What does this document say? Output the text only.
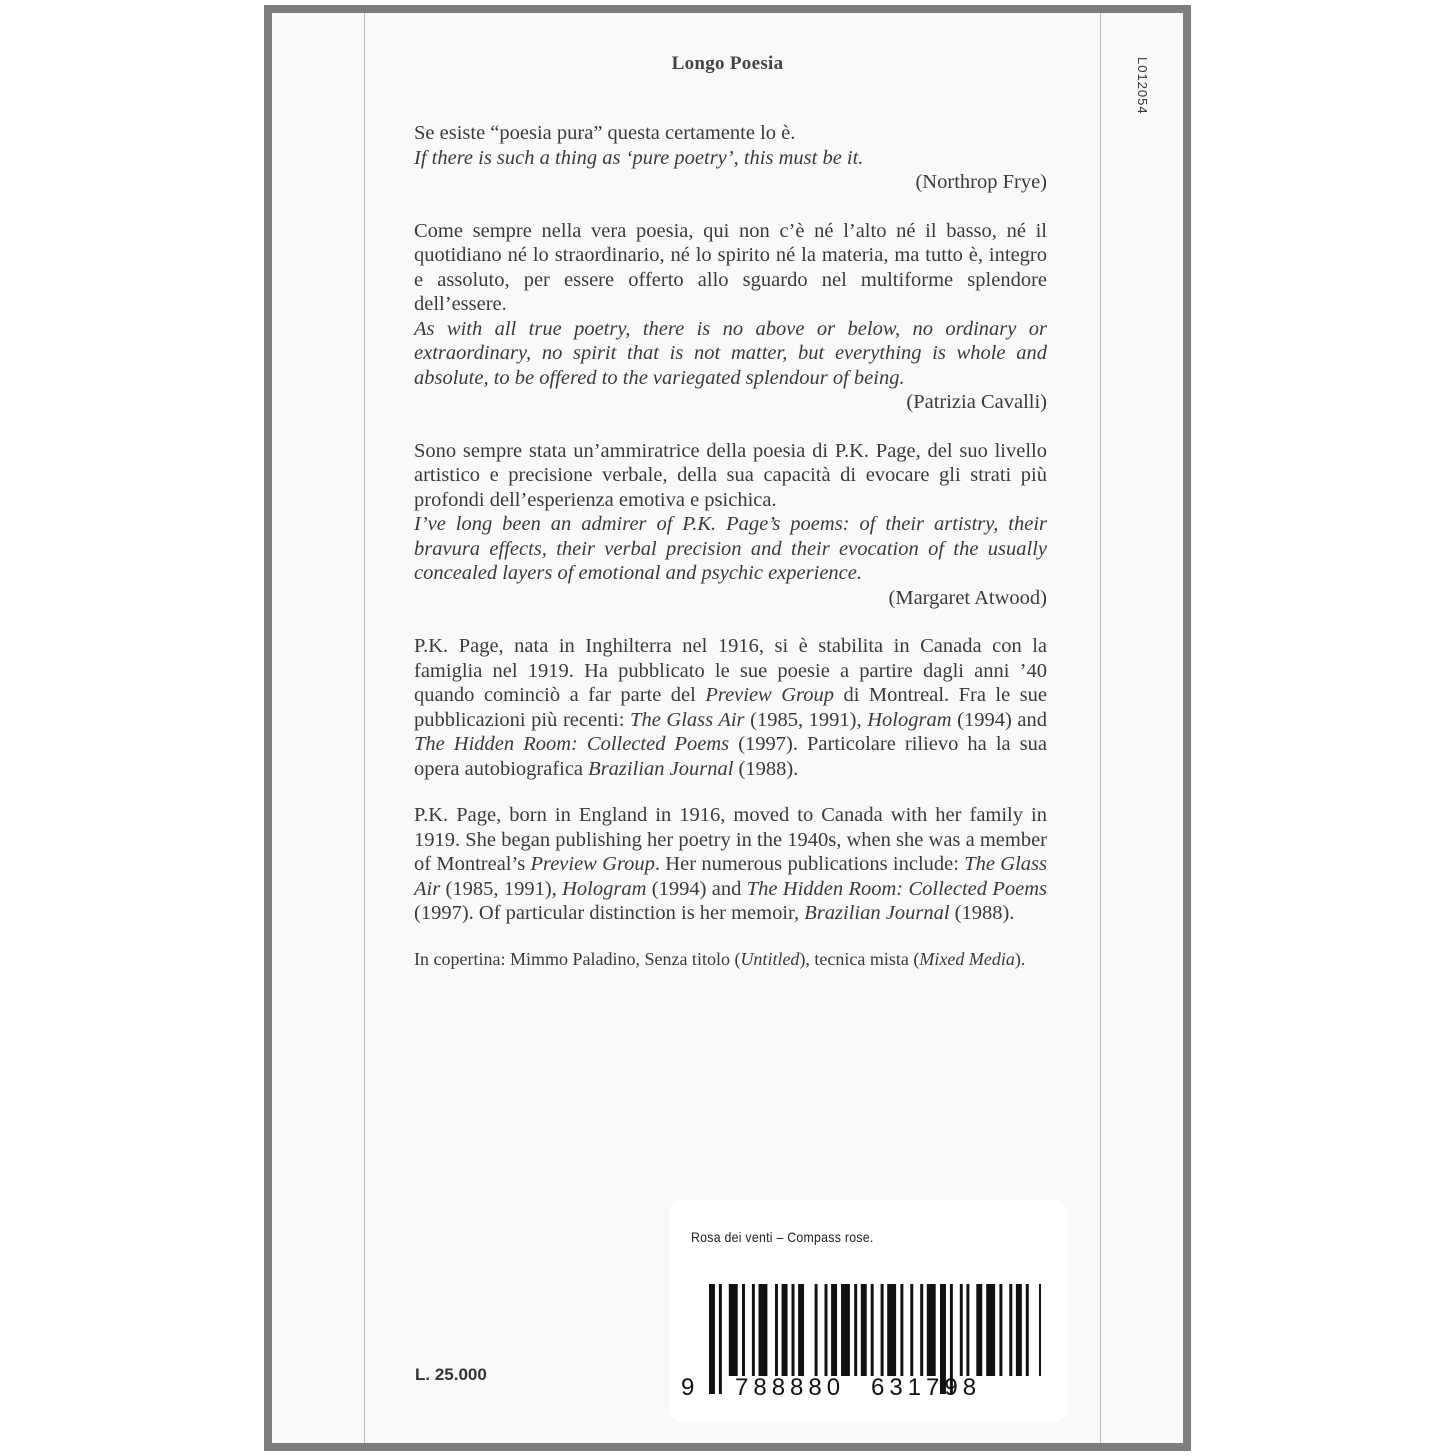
Longo Poesia	L012054

Se esiste “poesia pura” questa certamente lo è.

If there is such a thing as ‘pure poetry’, this must be it.

(Northrop Frye)

Come sempre nella vera poesia, qui non c’è né l’alto né il basso, né il quotidiano né lo straordinario, né lo spirito né la materia, ma tutto è, integro e assoluto, per essere offerto allo sguardo nel multiforme splendore dell’essere.

As with all true poetry, there is no above or below, no ordinary or extraordinary, no spirit that is not matter, but everything is whole and absolute, to be offered to the variegated splendour of being.

(Patrizia Cavalli)

Sono sempre stata un’ammiratrice della poesia di P.K. Page, del suo livello artistico e precisione verbale, della sua capacità di evocare gli strati più profondi dell’esperienza emotiva e psichica.

I’ve long been an admirer of P.K. Page’s poems: of their artistry, their bravura effects, their verbal precision and their evocation of the usually concealed layers of emotional and psychic experience.

(Margaret Atwood)

P.K. Page, nata in Inghilterra nel 1916, si è stabilita in Canada con la famiglia nel 1919. Ha pubblicato le sue poesie a partire dagli anni ’40 quando cominciò a far parte del Preview Group di Montreal. Fra le sue pubblicazioni più recenti: The Glass Air (1985, 1991), Hologram (1994) and The Hidden Room: Collected Poems (1997). Particolare rilievo ha la sua opera autobiografica Brazilian Journal (1988).

P.K. Page, born in England in 1916, moved to Canada with her family in 1919. She began publishing her poetry in the 1940s, when she was a member of Montreal’s Preview Group. Her numerous publications include: The Glass Air (1985, 1991), Hologram (1994) and The Hidden Room: Collected Poems (1997). Of particular distinction is her memoir, Brazilian Journal (1988).

In copertina: Mimmo Paladino, Senza titolo (Untitled), tecnica mista (Mixed Media).

L. 25.000
Rosa dei venti – Compass rose.
9 788880 631798
